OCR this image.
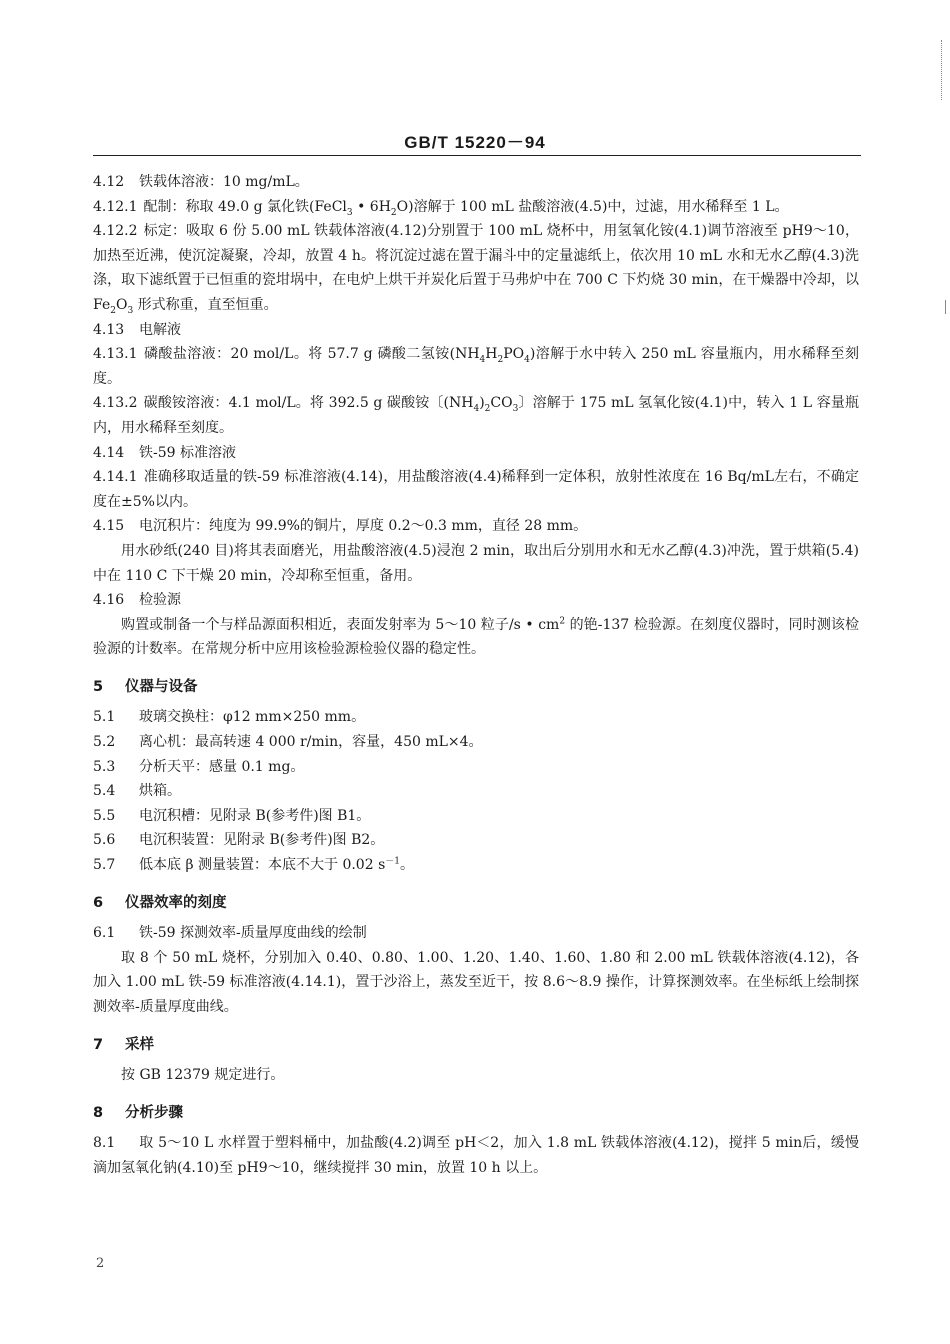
GB/T 15220－94

4.12 铁载体溶液：10 mg/mL。

4.12.1 配制：称取 49.0 g 氯化铁(FeCl$_3$ • $6H_2O$)溶解于 100 mL 盐酸溶液(4.5)中，过滤，用水稀释至 1 L。

4.12.2 标定：吸取 6 份 5.00 mL 铁载体溶液(4.12)分别置于 100 mL 烧杯中，用氢氧化铵(4.1)调节溶液至 pH9～10，加热至近沸，使沉淀凝聚，冷却，放置 4 h。将沉淀过滤在置于漏斗中的定量滤纸上，依次用 10 mL 水和无水乙醇(4.3)洗涤，取下滤纸置于已恒重的瓷坩埚中，在电炉上烘干并炭化后置于马弗炉中在 700 C 下灼烧 30 min，在干燥器中冷却，以 $Fe_2O_3$ 形式称重，直至恒重。

4.13 电解液

4.13.1 磷酸盐溶液：20 mol/L。将 57.7 g 磷酸二氢铵$(NH_4H_2PO_4)$溶解于水中转入 250 mL 容量瓶内，用水稀释至刻度。

4.13.2 碳酸铵溶液：4.1 mol/L。将 392.5 g 碳酸铵〔$(NH_4)_2CO_3$〕溶解于 175 mL 氢氧化铵(4.1)中，转入 1 L 容量瓶内，用水稀释至刻度。

4.14 铁-59 标准溶液

4.14.1 准确移取适量的铁-59 标准溶液(4.14)，用盐酸溶液(4.4)稀释到一定体积，放射性浓度在 16 Bq/mL左右，不确定度在±5%以内。

4.15 电沉积片：纯度为 99.9%的铜片，厚度 0.2～0.3 mm，直径 28 mm。

用水砂纸(240 目)将其表面磨光，用盐酸溶液(4.5)浸泡 2 min，取出后分别用水和无水乙醇(4.3)冲洗，置于烘箱(5.4)中在 110 C 下干燥 20 min，冷却称至恒重，备用。

4.16 检验源

购置或制备一个与样品源面积相近，表面发射率为 5～10 粒子/s • $cm^2$ 的铯-137 检验源。在刻度仪器时，同时测该检验源的计数率。在常规分析中应用该检验源检验仪器的稳定性。

5 仪器与设备

5.1 玻璃交换柱：φ12 mm×250 mm。

5.2 离心机：最高转速 4 000 r/min，容量，450 mL×4。

5.3 分析天平：感量 0.1 mg。

5.4 烘箱。

5.5 电沉积槽：见附录 B(参考件)图 B1。

5.6 电沉积装置：见附录 B(参考件)图 B2。

5.7 低本底 β 测量装置：本底不大于 0.02 $s^{-1}$。

6 仪器效率的刻度

6.1 铁-59 探测效率-质量厚度曲线的绘制

取 8 个 50 mL 烧杯，分别加入 0.40、0.80、1.00、1.20、1.40、1.60、1.80 和 2.00 mL 铁载体溶液(4.12)，各加入 1.00 mL 铁-59 标准溶液(4.14.1)，置于沙浴上，蒸发至近干，按 8.6～8.9 操作，计算探测效率。在坐标纸上绘制探测效率-质量厚度曲线。

7 采样

按 GB 12379 规定进行。

8 分析步骤

8.1 取 5～10 L 水样置于塑料桶中，加盐酸(4.2)调至 pH＜2，加入 1.8 mL 铁载体溶液(4.12)，搅拌 5 min后，缓慢滴加氢氧化钠(4.10)至 pH9～10，继续搅拌 30 min，放置 10 h 以上。

2
